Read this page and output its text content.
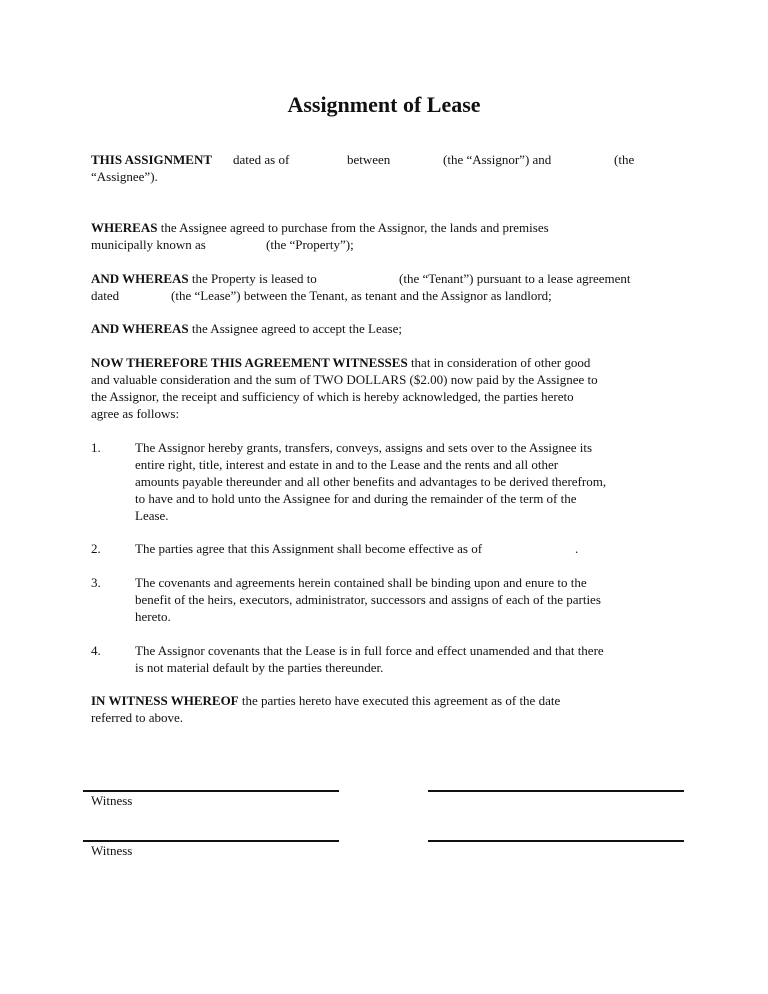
Assignment of Lease
THIS ASSIGNMENT dated as of	between	(the “Assignor”) and	(the
“Assignee”).
WHEREAS the Assignee agreed to purchase from the Assignor, the lands and premises
municipally known as	(the “Property”);
AND WHEREAS the Property is leased to	(the “Tenant”) pursuant to a lease agreement
dated	(the “Lease”) between the Tenant, as tenant and the Assignor as landlord;
AND WHEREAS the Assignee agreed to accept the Lease;
NOW THEREFORE THIS AGREEMENT WITNESSES that in consideration of other good
and valuable consideration and the sum of TWO DOLLARS ($2.00) now paid by the Assignee to
the Assignor, the receipt and sufficiency of which is hereby acknowledged, the parties hereto
agree as follows:
1.	The Assignor hereby grants, transfers, conveys, assigns and sets over to the Assignee its
entire right, title, interest and estate in and to the Lease and the rents and all other
amounts payable thereunder and all other benefits and advantages to be derived therefrom,
to have and to hold unto the Assignee for and during the remainder of the term of the
Lease.
2.	The parties agree that this Assignment shall become effective as of	.
3.	The covenants and agreements herein contained shall be binding upon and enure to the
benefit of the heirs, executors, administrator, successors and assigns of each of the parties
hereto.
4.	The Assignor covenants that the Lease is in full force and effect unamended and that there
is not material default by the parties thereunder.
IN WITNESS WHEREOF the parties hereto have executed this agreement as of the date
referred to above.
Witness
Witness
